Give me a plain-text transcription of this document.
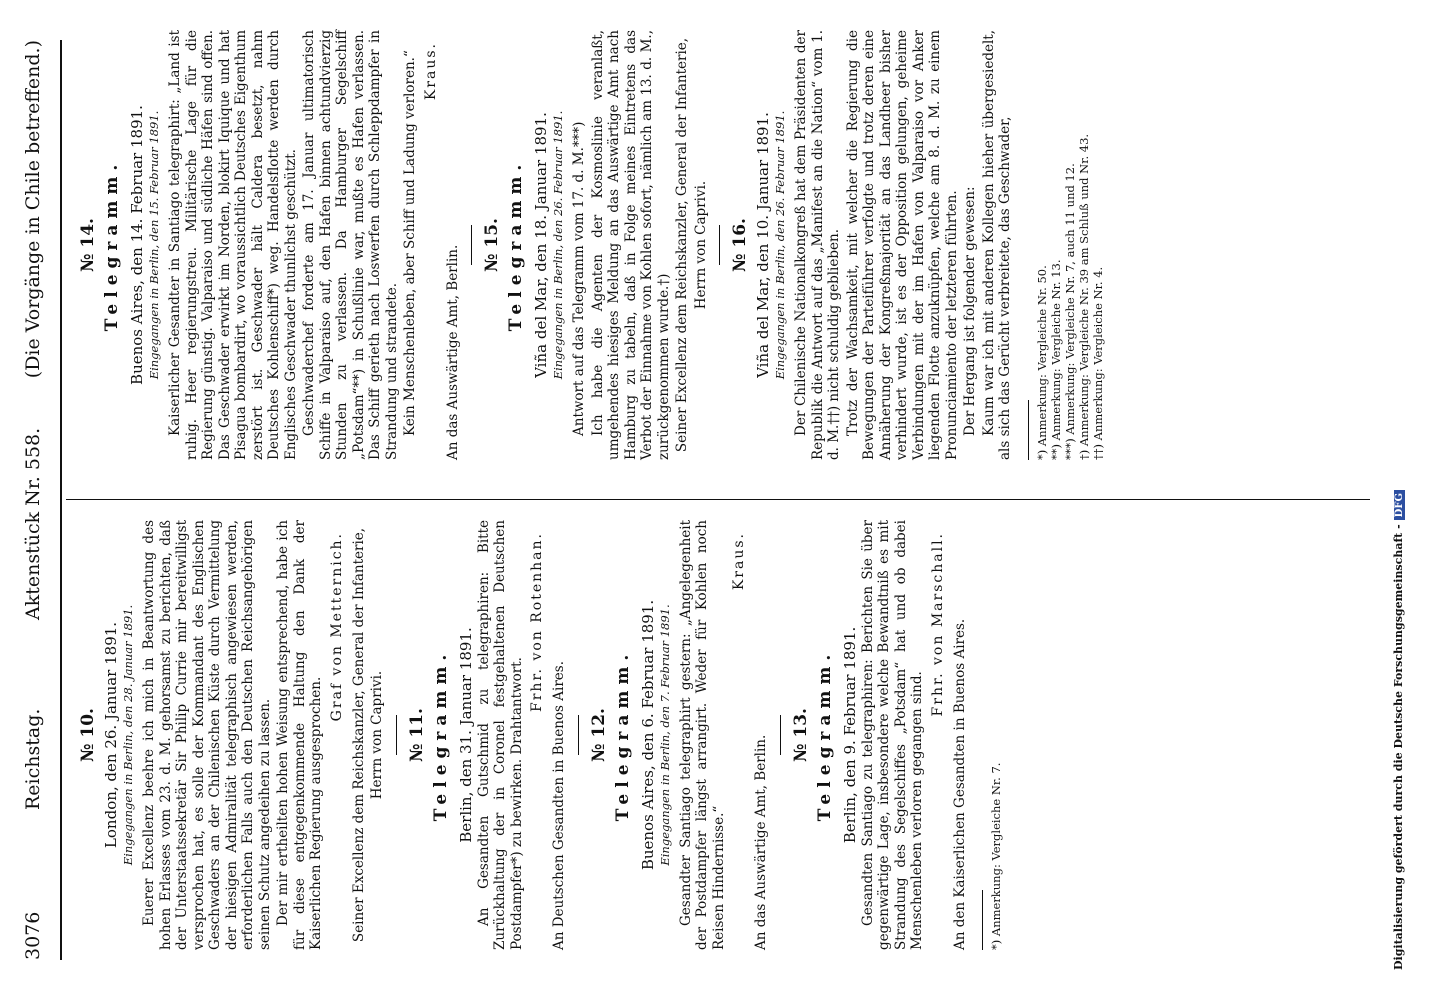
3076
Reichstag.
Aktenstück Nr. 558.
(Die Vorgänge in Chile betreffend.)
№ 10. London, den 26. Januar 1891. Eingegangen in Berlin, den 28. Januar 1891. Euerer Excellenz beehre ich mich in Beantwortung des hohen Erlasses vom 23. d. M. gehorsamst zu berichten, daß der Unterstaatssekretär Sir Philip Currie mir bereitwilligst versprochen hat, es solle der Kommandant des Englischen Geschwaders an der Chilenischen Küste durch Vermittelung der hiesigen Admiralität telegraphisch angewiesen werden, erforderlichen Falls auch den Deutschen Reichsangehörigen seinen Schutz angedeihen zu lassen. Der mir ertheilten hohen Weisung entsprechend, habe ich für diese entgegenkommende Haltung den Dank der Kaiserlichen Regierung ausgesprochen.

Graf von Metternich. Seiner Excellenz dem Reichskanzler, General der Infanterie, Herrn von Caprivi. № 11. Telegramm. Berlin, den 31. Januar 1891. An Gesandten Gutschmid zu telegraphiren: Bitte Zurückhaltung der in Coronel festgehaltenen Deutschen Postdampfer*) zu bewirken. Drahtantwort.

Frhr. von Rotenhan.
An Deutschen Gesandten in Buenos Aires. № 12. Telegramm. Buenos Aires, den 6. Februar 1891. Eingegangen in Berlin, den 7. Februar 1891. Gesandter Santiago telegraphirt gestern: „Angelegenheit der Postdampfer längst arrangirt. Weder für Kohlen noch Reisen Hindernisse.“

Kraus.
An das Auswärtige Amt, Berlin. № 13. Telegramm. Berlin, den 9. Februar 1891. Gesandten Santiago zu telegraphiren: Berichten Sie über gegenwärtige Lage, insbesondere welche Bewandtniß es mit Strandung des Segelschiffes „Potsdam“ hat und ob dabei Menschenleben verloren gegangen sind.

Frhr. von Marschall. An den Kaiserlichen Gesandten in Buenos Aires. *) Anmerkung: Vergleiche Nr. 7.

№ 14. Telegramm. Buenos Aires, den 14. Februar 1891. Eingegangen in Berlin, den 15. Februar 1891. Kaiserlicher Gesandter in Santiago telegraphirt: „Land ist ruhig. Heer regierungstreu. Militärische Lage für die Regierung günstig. Valparaiso und südliche Häfen sind offen. Das Geschwader erwirkt im Norden, blokirt Iquique und hat Pisagua bombardirt, wo voraussichtlich Deutsches Eigenthum zerstört ist. Geschwader hält Caldera besetzt, nahm Deutsches Kohlenschiff*) weg. Handelsflotte werden durch Englisches Geschwader thunlichst geschützt. Geschwaderchef forderte am 17. Januar ultimatorisch Schiffe in Valparaiso auf, den Hafen binnen achtundvierzig Stunden zu verlassen. Da Hamburger Segelschiff „Potsdam“**) in Schußlinie war, mußte es Hafen verlassen. Das Schiff gerieth nach Loswerfen durch Schleppdampfer in Strandung und strandete. Kein Menschenleben, aber Schiff und Ladung verloren.“ Kraus.
An das Auswärtige Amt, Berlin. № 15. Telegramm. Viña del Mar, den 18. Januar 1891. Eingegangen in Berlin, den 26. Februar 1891. Antwort auf das Telegramm vom 17. d. M.***) Ich habe die Agenten der Kosmoslinie veranlaßt, umgehendes hiesiges Meldung an das Auswärtige Amt nach Hamburg zu tabeln, daß in Folge meines Eintretens das Verbot der Einnahme von Kohlen sofort, nämlich am 13. d. M., zurückgenommen wurde.†) Seiner Excellenz dem Reichskanzler, General der Infanterie, Herrn von Caprivi. № 16. Viña del Mar, den 10. Januar 1891. Eingegangen in Berlin, den 26. Februar 1891. Der Chilenische Nationalkongreß hat dem Präsidenten der Republik die Antwort auf das „Manifest an die Nation“ vom 1. d. M.††) nicht schuldig geblieben. Trotz der Wachsamkeit, mit welcher die Regierung die Bewegungen der Parteiführer verfolgte und trotz deren eine Annäherung der Kongreßmajorität an das Landheer bisher verhindert wurde, ist es der Opposition gelungen, geheime Verbindungen mit der im Hafen von Valparaiso vor Anker liegenden Flotte anzuknüpfen, welche am 8. d. M. zu einem Pronunciamiento der letzteren führten. Der Hergang ist folgender gewesen: Kaum war ich mit anderen Kollegen hieher übergesiedelt, als sich das Gerücht verbreitete, das Geschwader, *) Anmerkung: Vergleiche Nr. 50. **) Anmerkung: Vergleiche Nr. 13. ***) Anmerkung: Vergleiche Nr. 7, auch 11 und 12. †) Anmerkung: Vergleiche Nr. 39 am Schluß und Nr. 43. ††) Anmerkung: Vergleiche Nr. 4.

Digitalisierung gefördert durch die Deutsche Forschungsgemeinschaft -DFG
